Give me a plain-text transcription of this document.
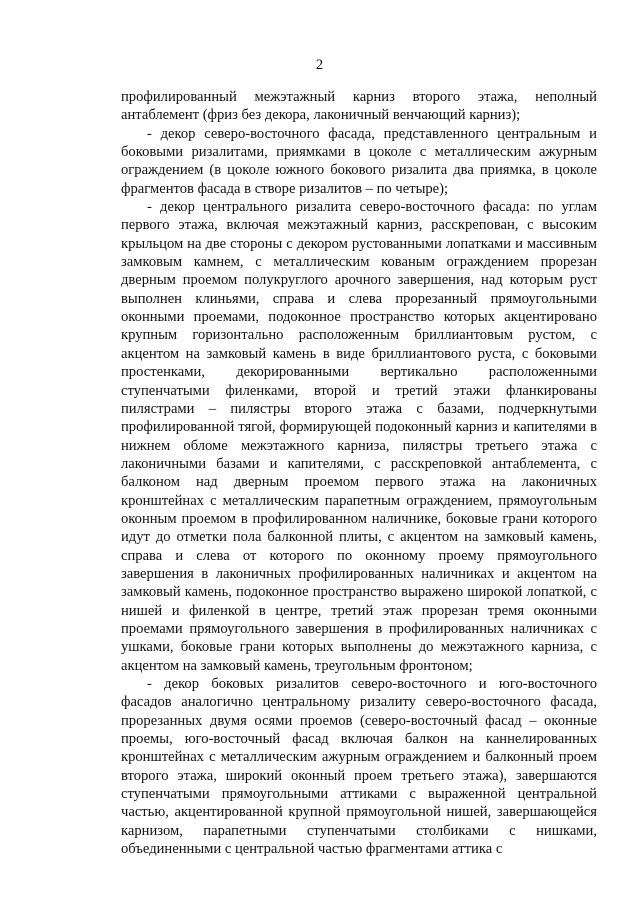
2

профилированный межэтажный карниз второго этажа, неполный антаблемент (фриз без декора, лаконичный венчающий карниз);

- декор северо-восточного фасада, представленного центральным и боковыми ризалитами, приямками в цоколе с металлическим ажурным ограждением (в цоколе южного бокового ризалита два приямка, в цоколе фрагментов фасада в створе ризалитов – по четыре);

- декор центрального ризалита северо-восточного фасада: по углам первого этажа, включая межэтажный карниз, расскрепован, с высоким крыльцом на две стороны с декором рустованными лопатками и массивным замковым камнем, с металлическим кованым ограждением прорезан дверным проемом полукруглого арочного завершения, над которым руст выполнен клиньями, справа и слева прорезанный прямоугольными оконными проемами, подоконное пространство которых акцентировано крупным горизонтально расположенным бриллиантовым рустом, с акцентом на замковый камень в виде бриллиантового руста, с боковыми простенками, декорированными вертикально расположенными ступенчатыми филенками, второй и третий этажи фланкированы пилястрами – пилястры второго этажа с базами, подчеркнутыми профилированной тягой, формирующей подоконный карниз и капителями в нижнем обломе межэтажного карниза, пилястры третьего этажа с лаконичными базами и капителями, с расскреповкой антаблемента, с балконом над дверным проемом первого этажа на лаконичных кронштейнах с металлическим парапетным ограждением, прямоугольным оконным проемом в профилированном наличнике, боковые грани которого идут до отметки пола балконной плиты, с акцентом на замковый камень, справа и слева от которого по оконному проему прямоугольного завершения в лаконичных профилированных наличниках и акцентом на замковый камень, подоконное пространство выражено широкой лопаткой, с нишей и филенкой в центре, третий этаж прорезан тремя оконными проемами прямоугольного завершения в профилированных наличниках с ушками, боковые грани которых выполнены до межэтажного карниза, с акцентом на замковый камень, треугольным фронтоном;

- декор боковых ризалитов северо-восточного и юго-восточного фасадов аналогично центральному ризалиту северо-восточного фасада, прорезанных двумя осями проемов (северо-восточный фасад – оконные проемы, юго-восточный фасад включая балкон на каннелированных кронштейнах с металлическим ажурным ограждением и балконный проем второго этажа, широкий оконный проем третьего этажа), завершаются ступенчатыми прямоугольными аттиками с выраженной центральной частью, акцентированной крупной прямоугольной нишей, завершающейся карнизом, парапетными ступенчатыми столбиками с нишками, объединенными с центральной частью фрагментами аттика с
